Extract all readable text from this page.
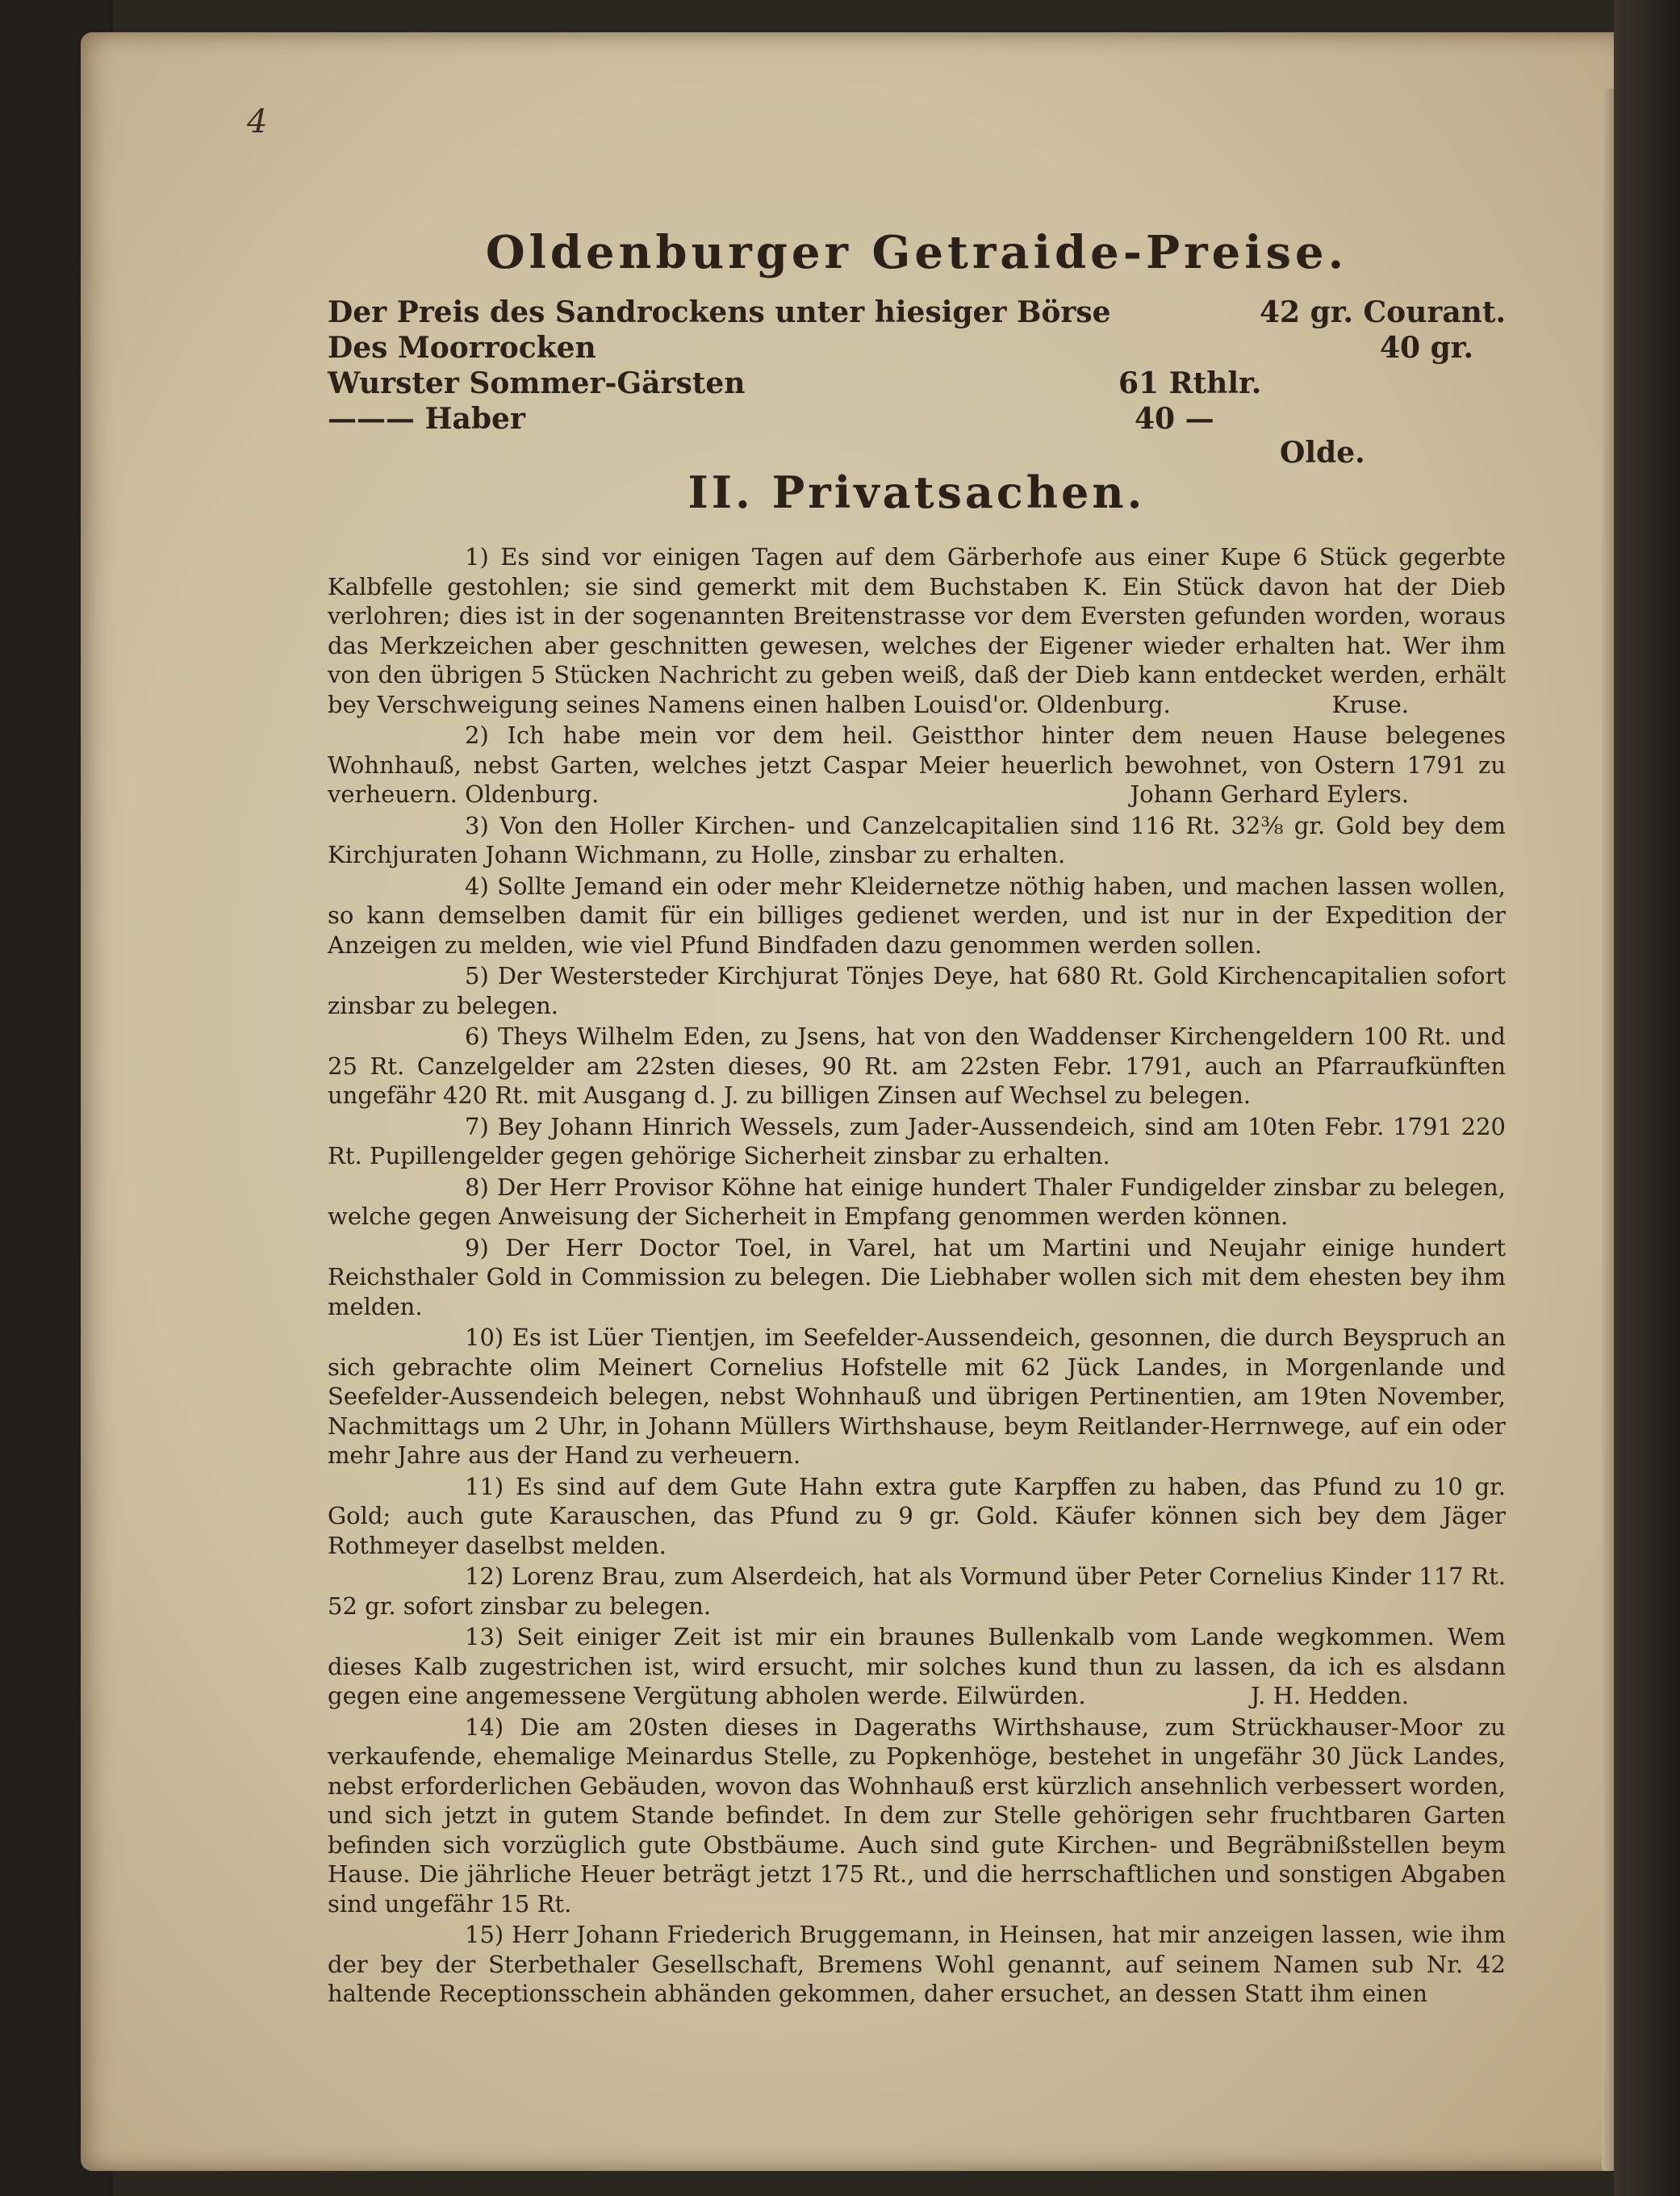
4
Oldenburger Getraide-Preise.
Der Preis des Sandrockens unter hiesiger Börse	42 gr. Courant.
Des Moorrocken	40 gr.
Wurster Sommer-Gärsten	61 Rthlr.
——— Haber	40 —
Olde.
II. Privatsachen.

1) Es sind vor einigen Tagen auf dem Gärberhofe aus einer Kupe 6 Stück gegerbte Kalbfelle gestohlen; sie sind gemerkt mit dem Buchstaben K. Ein Stück davon hat der Dieb verlohren; dies ist in der sogenannten Breitenstrasse vor dem Eversten gefunden worden, woraus das Merkzeichen aber geschnitten gewesen, welches der Eigener wieder erhalten hat. Wer ihm von den übrigen 5 Stücken Nachricht zu geben weiß, daß der Dieb kann entdecket werden, erhält bey Verschweigung seines Namens einen halben Louisd'or. Oldenburg.	Kruse.

2) Ich habe mein vor dem heil. Geistthor hinter dem neuen Hause belegenes Wohnhauß, nebst Garten, welches jetzt Caspar Meier heuerlich bewohnet, von Ostern 1791 zu verheuern. Oldenburg.	Johann Gerhard Eylers.

3) Von den Holler Kirchen- und Canzelcapitalien sind 116 Rt. 32⅜ gr. Gold bey dem Kirchjuraten Johann Wichmann, zu Holle, zinsbar zu erhalten.

4) Sollte Jemand ein oder mehr Kleidernetze nöthig haben, und machen lassen wollen, so kann demselben damit für ein billiges gedienet werden, und ist nur in der Expedition der Anzeigen zu melden, wie viel Pfund Bindfaden dazu genommen werden sollen.

5) Der Westersteder Kirchjurat Tönjes Deye, hat 680 Rt. Gold Kirchencapitalien sofort zinsbar zu belegen.

6) Theys Wilhelm Eden, zu Jsens, hat von den Waddenser Kirchengeldern 100 Rt. und 25 Rt. Canzelgelder am 22sten dieses, 90 Rt. am 22sten Febr. 1791, auch an Pfarraufkünften ungefähr 420 Rt. mit Ausgang d. J. zu billigen Zinsen auf Wechsel zu belegen.

7) Bey Johann Hinrich Wessels, zum Jader-Aussendeich, sind am 10ten Febr. 1791 220 Rt. Pupillengelder gegen gehörige Sicherheit zinsbar zu erhalten.

8) Der Herr Provisor Köhne hat einige hundert Thaler Fundigelder zinsbar zu belegen, welche gegen Anweisung der Sicherheit in Empfang genommen werden können.

9) Der Herr Doctor Toel, in Varel, hat um Martini und Neujahr einige hundert Reichsthaler Gold in Commission zu belegen. Die Liebhaber wollen sich mit dem ehesten bey ihm melden.

10) Es ist Lüer Tientjen, im Seefelder-Aussendeich, gesonnen, die durch Beyspruch an sich gebrachte olim Meinert Cornelius Hofstelle mit 62 Jück Landes, in Morgenlande und Seefelder-Aussendeich belegen, nebst Wohnhauß und übrigen Pertinentien, am 19ten November, Nachmittags um 2 Uhr, in Johann Müllers Wirthshause, beym Reitlander-Herrnwege, auf ein oder mehr Jahre aus der Hand zu verheuern.

11) Es sind auf dem Gute Hahn extra gute Karpffen zu haben, das Pfund zu 10 gr. Gold; auch gute Karauschen, das Pfund zu 9 gr. Gold. Käufer können sich bey dem Jäger Rothmeyer daselbst melden.

12) Lorenz Brau, zum Alserdeich, hat als Vormund über Peter Cornelius Kinder 117 Rt. 52 gr. sofort zinsbar zu belegen.

13) Seit einiger Zeit ist mir ein braunes Bullenkalb vom Lande wegkommen. Wem dieses Kalb zugestrichen ist, wird ersucht, mir solches kund thun zu lassen, da ich es alsdann gegen eine angemessene Vergütung abholen werde. Eilwürden.	J. H. Hedden.

14) Die am 20sten dieses in Dageraths Wirthshause, zum Strückhauser-Moor zu verkaufende, ehemalige Meinardus Stelle, zu Popkenhöge, bestehet in ungefähr 30 Jück Landes, nebst erforderlichen Gebäuden, wovon das Wohnhauß erst kürzlich ansehnlich verbessert worden, und sich jetzt in gutem Stande befindet. In dem zur Stelle gehörigen sehr fruchtbaren Garten befinden sich vorzüglich gute Obstbäume. Auch sind gute Kirchen- und Begräbnißstellen beym Hause. Die jährliche Heuer beträgt jetzt 175 Rt., und die herrschaftlichen und sonstigen Abgaben sind ungefähr 15 Rt.

15) Herr Johann Friederich Bruggemann, in Heinsen, hat mir anzeigen lassen, wie ihm der bey der Sterbethaler Gesellschaft, Bremens Wohl genannt, auf seinem Namen sub Nr. 42 haltende Receptionsschein abhänden gekommen, daher ersuchet, an dessen Statt ihm einen
